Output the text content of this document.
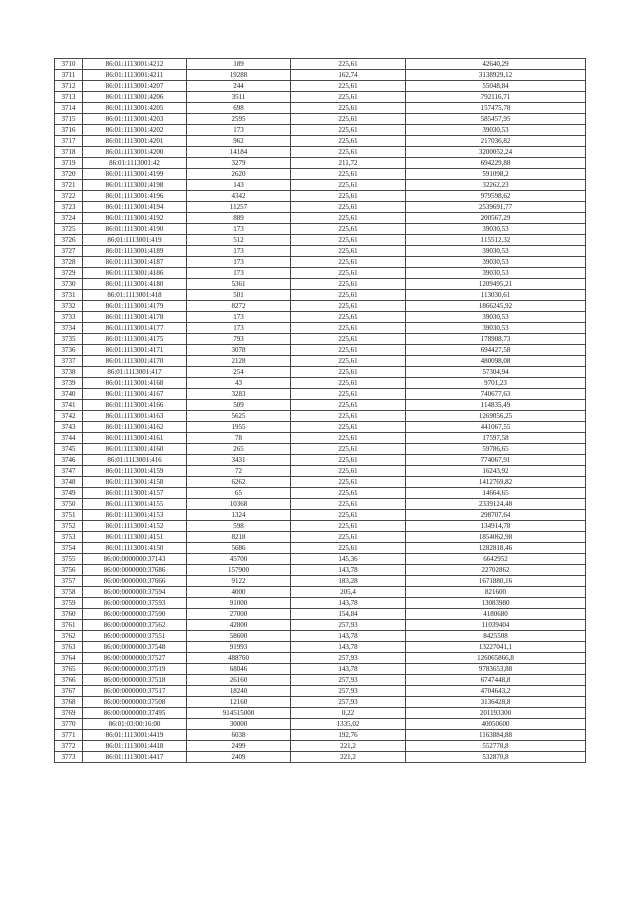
3710	86:01:1113001:4212	189	225,61	42640,29
3711	86:01:1113001:4211	19288	162,74	3138929,12
3712	86:01:1113001:4207	244	225,61	55048,84
3713	86:01:1113001:4206	3511	225,61	792116,71
3714	86:01:1113001:4205	698	225,61	157475,78
3715	86:01:1113001:4203	2595	225,61	585457,95
3716	86:01:1113001:4202	173	225,61	39030,53
3717	86:01:1113001:4201	962	225,61	217036,82
3718	86:01:1113001:4200	14184	225,61	3200052,24
3719	86:01:1113001:42	3279	211,72	694229,88
3720	86:01:1113001:4199	2620	225,61	591098,2
3721	86:01:1113001:4198	143	225,61	32262,23
3722	86:01:1113001:4196	4342	225,61	979598,62
3723	86:01:1113001:4194	11257	225,61	2539691,77
3724	86:01:1113001:4192	889	225,61	200567,29
3725	86:01:1113001:4190	173	225,61	39030,53
3726	86:01:1113001:419	512	225,61	115512,32
3727	86:01:1113001:4189	173	225,61	39030,53
3728	86:01:1113001:4187	173	225,61	39030,53
3729	86:01:1113001:4186	173	225,61	39030,53
3730	86:01:1113001:4180	5361	225,61	1209495,21
3731	86:01:1113001:418	501	225,61	113030,61
3732	86:01:1113001:4179	8272	225,61	1866245,92
3733	86:01:1113001:4178	173	225,61	39030,53
3734	86:01:1113001:4177	173	225,61	39030,53
3735	86:01:1113001:4175	793	225,61	178908,73
3736	86:01:1113001:4171	3078	225,61	694427,58
3737	86:01:1113001:4170	2128	225,61	480098,08
3738	86:01:1113001:417	254	225,61	57304,94
3739	86:01:1113001:4168	43	225,61	9701,23
3740	86:01:1113001:4167	3283	225,61	740677,63
3741	86:01:1113001:4166	509	225,61	114835,49
3742	86:01:1113001:4163	5625	225,61	1269056,25
3743	86:01:1113001:4162	1955	225,61	441067,55
3744	86:01:1113001:4161	78	225,61	17597,58
3745	86:01:1113001:4160	265	225,61	59786,65
3746	86:01:1113001:416	3431	225,61	774067,91
3747	86:01:1113001:4159	72	225,61	16243,92
3748	86:01:1113001:4158	6262	225,61	1412769,82
3749	86:01:1113001:4157	65	225,61	14664,65
3750	86:01:1113001:4155	10368	225,61	2339124,48
3751	86:01:1113001:4153	1324	225,61	298707,64
3752	86:01:1113001:4152	598	225,61	134914,78
3753	86:01:1113001:4151	8218	225,61	1854062,98
3754	86:01:1113001:4150	5686	225,61	1282818,46
3755	86:00:0000000:37143	45700	145,36	6642952
3756	86:00:0000000:37686	157900	143,78	22702862
3757	86:00:0000000:37666	9122	183,28	1671880,16
3758	86:00:0000000:37594	4000	205,4	821600
3759	86:00:0000000:37593	91000	143,78	13083980
3760	86:00:0000000:37590	27000	154,84	4180680
3761	86:00:0000000:37562	42800	257,93	11039404
3762	86:00:0000000:37551	58600	143,78	8425508
3763	86:00:0000000:37548	91993	143,78	13227041,1
3764	86:00:0000000:37527	488760	257,93	126065866,8
3765	86:00:0000000:37519	68046	143,78	9783653,88
3766	86:00:0000000:37518	26160	257,93	6747448,8
3767	86:00:0000000:37517	18240	257,93	4704643,2
3768	86:00:0000000:37508	12160	257,93	3136428,8
3769	86:00:0000000:37495	914515000	0,22	201193300
3770	86:01:03:00:16:00	30000	1335,02	40050600
3771	86:01:1113001:4419	6038	192,76	1163884,88
3772	86:01:1113001:4418	2499	221,2	552778,8
3773	86:01:1113001:4417	2409	221,2	532870,8
